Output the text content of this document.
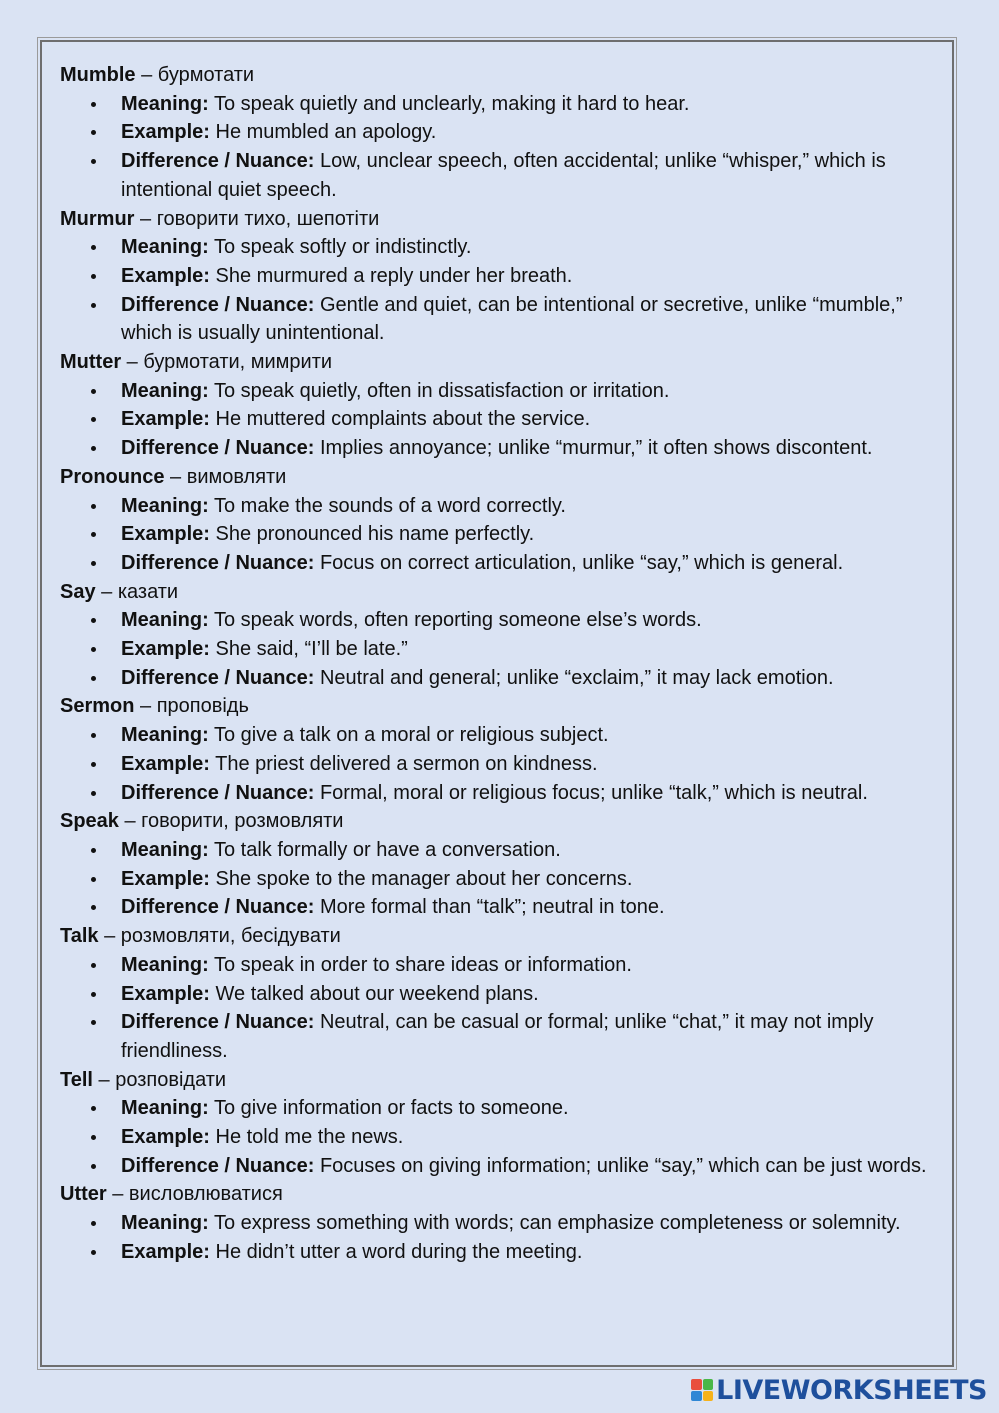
Mumble – бурмотати

Meaning: To speak quietly and unclearly, making it hard to hear.
Example: He mumbled an apology.
Difference / Nuance: Low, unclear speech, often accidental; unlike “whisper,” which is intentional quiet speech.

Murmur – говорити тихо, шепотіти

Meaning: To speak softly or indistinctly.
Example: She murmured a reply under her breath.
Difference / Nuance: Gentle and quiet, can be intentional or secretive, unlike “mumble,” which is usually unintentional.

Mutter – бурмотати, мимрити

Meaning: To speak quietly, often in dissatisfaction or irritation.
Example: He muttered complaints about the service.
Difference / Nuance: Implies annoyance; unlike “murmur,” it often shows discontent.

Pronounce – вимовляти

Meaning: To make the sounds of a word correctly.
Example: She pronounced his name perfectly.
Difference / Nuance: Focus on correct articulation, unlike “say,” which is general.

Say – казати

Meaning: To speak words, often reporting someone else’s words.
Example: She said, “I’ll be late.”
Difference / Nuance: Neutral and general; unlike “exclaim,” it may lack emotion.

Sermon – проповідь

Meaning: To give a talk on a moral or religious subject.
Example: The priest delivered a sermon on kindness.
Difference / Nuance: Formal, moral or religious focus; unlike “talk,” which is neutral.

Speak – говорити, розмовляти

Meaning: To talk formally or have a conversation.
Example: She spoke to the manager about her concerns.
Difference / Nuance: More formal than “talk”; neutral in tone.

Talk – розмовляти, бесідувати

Meaning: To speak in order to share ideas or information.
Example: We talked about our weekend plans.
Difference / Nuance: Neutral, can be casual or formal; unlike “chat,” it may not imply friendliness.

Tell – розповідати

Meaning: To give information or facts to someone.
Example: He told me the news.
Difference / Nuance: Focuses on giving information; unlike “say,” which can be just words.

Utter – висловлюватися

Meaning: To express something with words; can emphasize completeness or solemnity.
Example: He didn’t utter a word during the meeting.
LIVEWORKSHEETS
